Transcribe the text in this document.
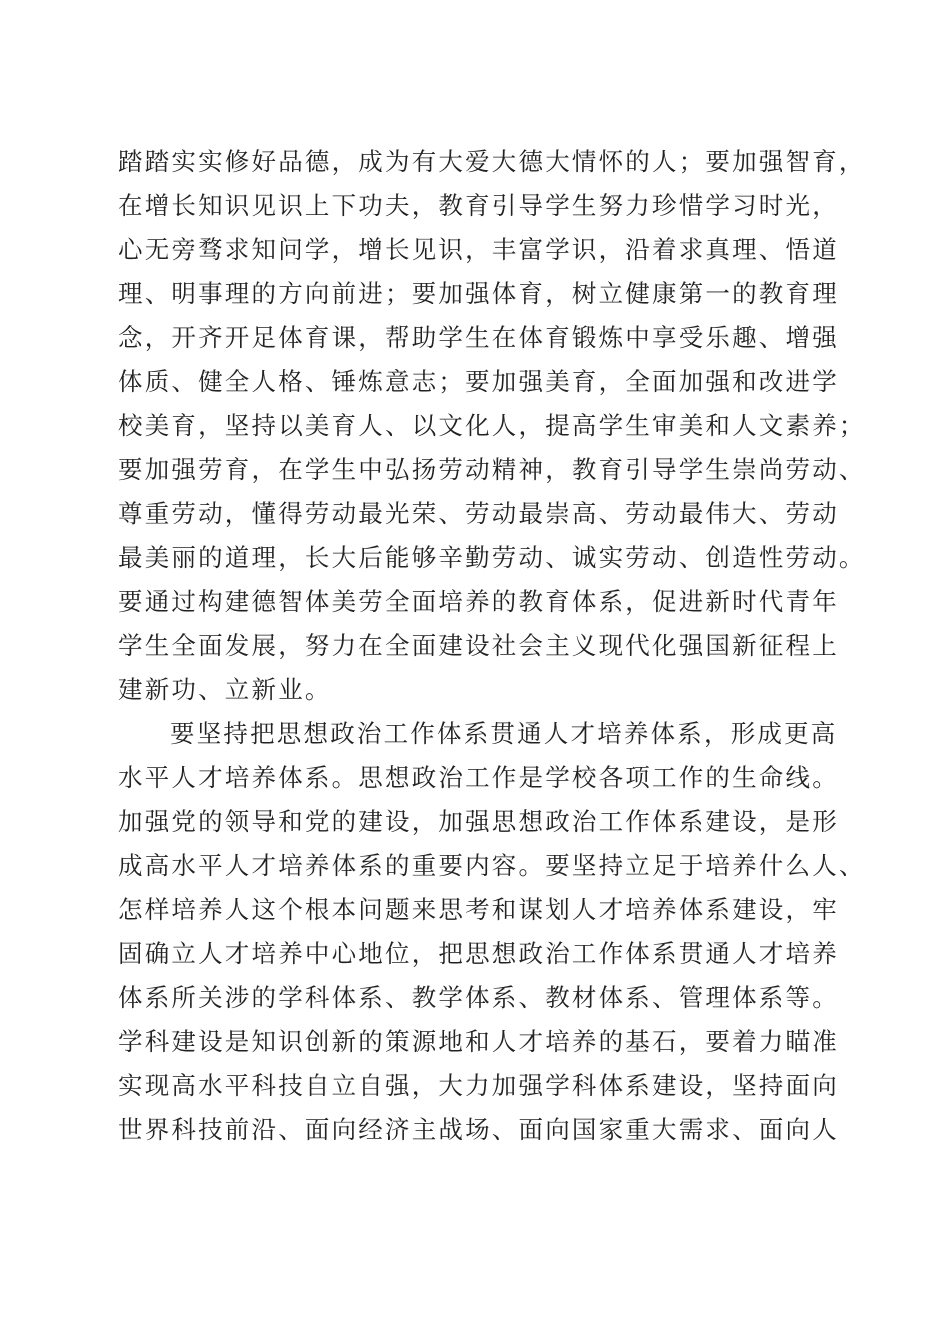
踏踏实实修好品德，成为有大爱大德大情怀的人；要加强智育，
在增长知识见识上下功夫，教育引导学生努力珍惜学习时光，
心无旁骛求知问学，增长见识，丰富学识，沿着求真理、悟道
理、明事理的方向前进；要加强体育，树立健康第一的教育理
念，开齐开足体育课，帮助学生在体育锻炼中享受乐趣、增强
体质、健全人格、锤炼意志；要加强美育，全面加强和改进学
校美育，坚持以美育人、以文化人，提高学生审美和人文素养；
要加强劳育，在学生中弘扬劳动精神，教育引导学生崇尚劳动、
尊重劳动，懂得劳动最光荣、劳动最崇高、劳动最伟大、劳动
最美丽的道理，长大后能够辛勤劳动、诚实劳动、创造性劳动。
要通过构建德智体美劳全面培养的教育体系，促进新时代青年
学生全面发展，努力在全面建设社会主义现代化强国新征程上
建新功、立新业。
要坚持把思想政治工作体系贯通人才培养体系，形成更高
水平人才培养体系。思想政治工作是学校各项工作的生命线。
加强党的领导和党的建设，加强思想政治工作体系建设，是形
成高水平人才培养体系的重要内容。要坚持立足于培养什么人、
怎样培养人这个根本问题来思考和谋划人才培养体系建设，牢
固确立人才培养中心地位，把思想政治工作体系贯通人才培养
体系所关涉的学科体系、教学体系、教材体系、管理体系等。
学科建设是知识创新的策源地和人才培养的基石，要着力瞄准
实现高水平科技自立自强，大力加强学科体系建设，坚持面向
世界科技前沿、面向经济主战场、面向国家重大需求、面向人
